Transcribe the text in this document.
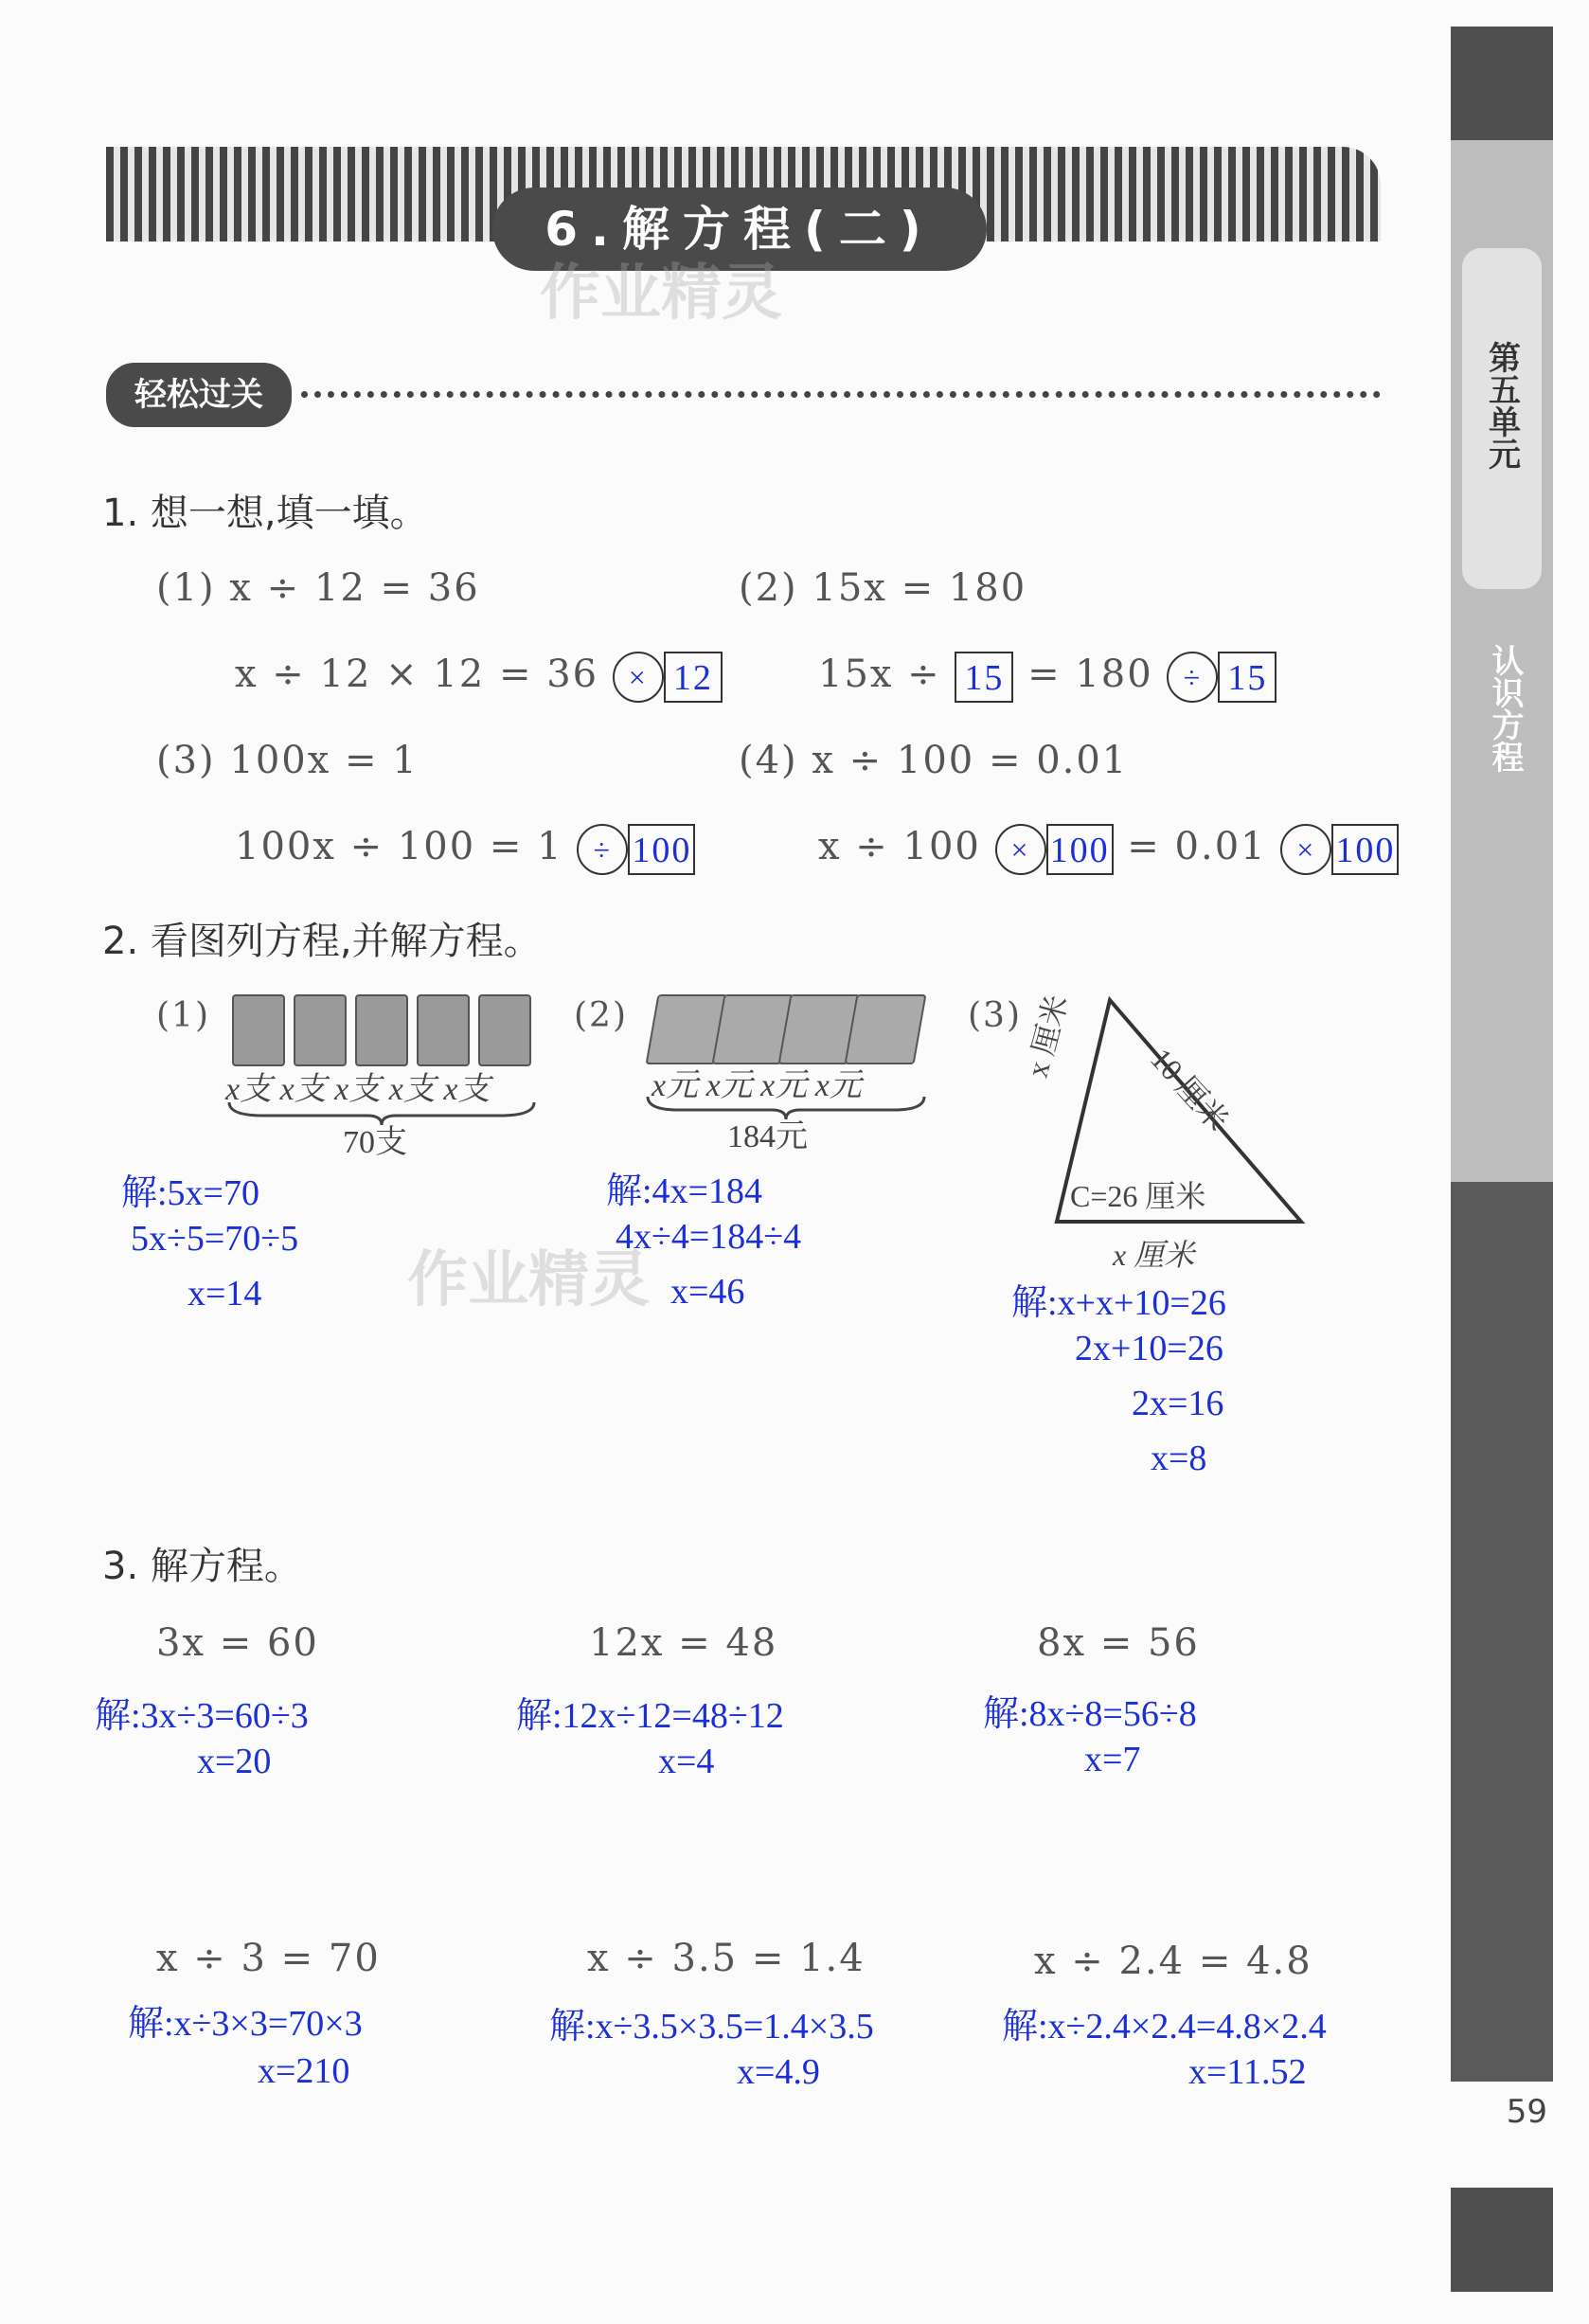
第五单元
认识方程
59
6.解方程(二)
作业精灵
轻松过关
1. 想一想,填一填。
(1) x ÷ 12 = 36
x ÷ 12 × 12 = 36 × 12
(2) 15x = 180
15x ÷ 15 = 180 ÷ 15
(3) 100x = 1
100x ÷ 100 = 1 ÷ 100
(4) x ÷ 100 = 0.01
x ÷ 100 × 100 = 0.01 × 100
2. 看图列方程,并解方程。
(1)
x支 x支 x支 x支 x支
70支
解:5x=70
5x÷5=70÷5
x=14
(2)
x元 x元 x元 x元
184元
解:4x=184
4x÷4=184÷4
x=46
作业精灵
(3)
x 厘米
10 厘米
C=26 厘米
x 厘米
解:x+x+10=26
2x+10=26
2x=16
x=8
3. 解方程。
3x = 60
解:3x÷3=60÷3
x=20
12x = 48
解:12x÷12=48÷12
x=4
8x = 56
解:8x÷8=56÷8
x=7
x ÷ 3 = 70
解:x÷3×3=70×3
x=210
x ÷ 3.5 = 1.4
解:x÷3.5×3.5=1.4×3.5
x=4.9
x ÷ 2.4 = 4.8
解:x÷2.4×2.4=4.8×2.4
x=11.52
